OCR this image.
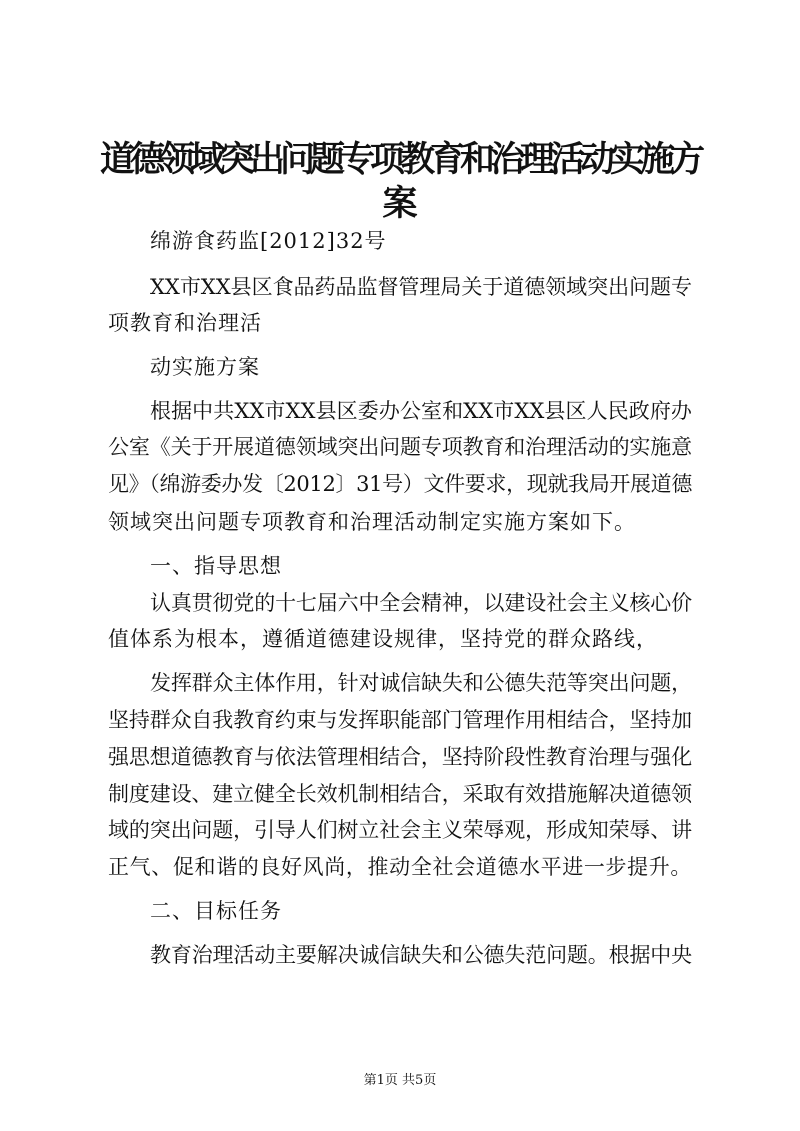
道德领域突出问题专项教育和治理活动实施方
案
绵游食药监[2012]32号
XX市XX县区食品药品监督管理局关于道德领域突出问题专
项教育和治理活
动实施方案
根据中共XX市XX县区委办公室和XX市XX县区人民政府办
公室《关于开展道德领域突出问题专项教育和治理活动的实施意
见》（绵游委办发〔2012〕31号）文件要求，现就我局开展道德
领域突出问题专项教育和治理活动制定实施方案如下。
一、指导思想
认真贯彻党的十七届六中全会精神，以建设社会主义核心价
值体系为根本，遵循道德建设规律，坚持党的群众路线，
发挥群众主体作用，针对诚信缺失和公德失范等突出问题，
坚持群众自我教育约束与发挥职能部门管理作用相结合，坚持加
强思想道德教育与依法管理相结合，坚持阶段性教育治理与强化
制度建设、建立健全长效机制相结合，采取有效措施解决道德领
域的突出问题，引导人们树立社会主义荣辱观，形成知荣辱、讲
正气、促和谐的良好风尚，推动全社会道德水平进一步提升。
二、目标任务
教育治理活动主要解决诚信缺失和公德失范问题。根据中央
第1页 共5页
